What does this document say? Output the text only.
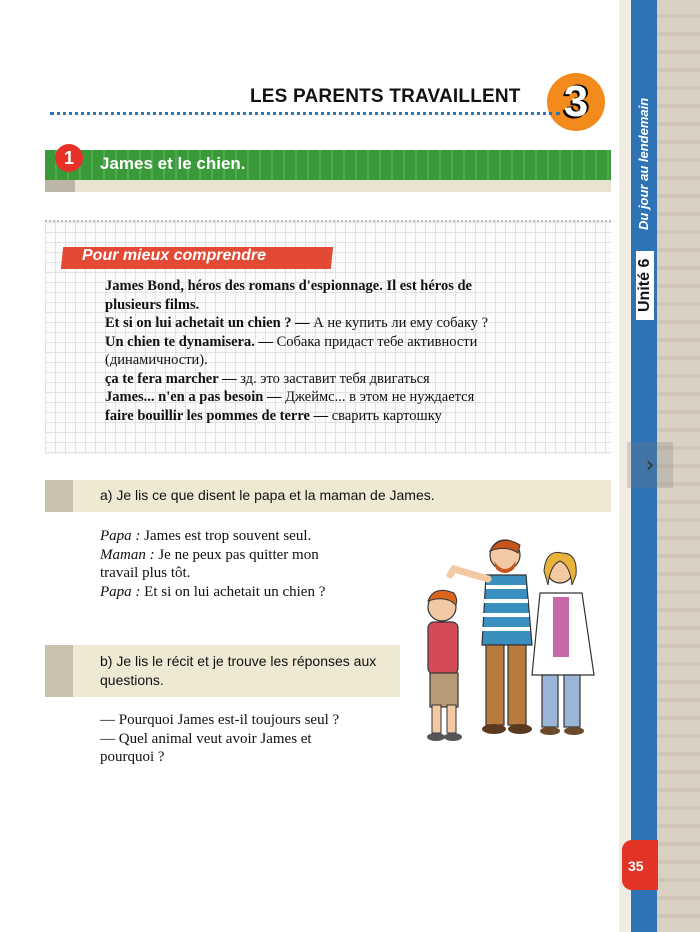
Unité 6
Du jour au lendemain
LES PARENTS TRAVAILLENT 3
1	James et le chien.
Pour mieux comprendre
James Bond, héros des romans d'espionnage. Il est héros de
plusieurs films.
Et si on lui achetait un chien ? — А не купить ли ему собаку ?
Un chien te dynamisera. — Собака придаст тебе активности
(динамичности).
ça te fera marcher — зд. это заставит тебя двигаться
James... n'en a pas besoin — Джеймс... в этом не нуждается
faire bouillir les pommes de terre — сварить картошку
a) Je lis ce que disent le papa et la maman de James.
Papa : James est trop souvent seul.
Maman : Je ne peux pas quitter mon
travail plus tôt.
Papa : Et si on lui achetait un chien ?
b) Je lis le récit et je trouve les réponses aux questions.
— Pourquoi James est-il toujours seul ?
— Quel animal veut avoir James et
pourquoi ?
›
35
